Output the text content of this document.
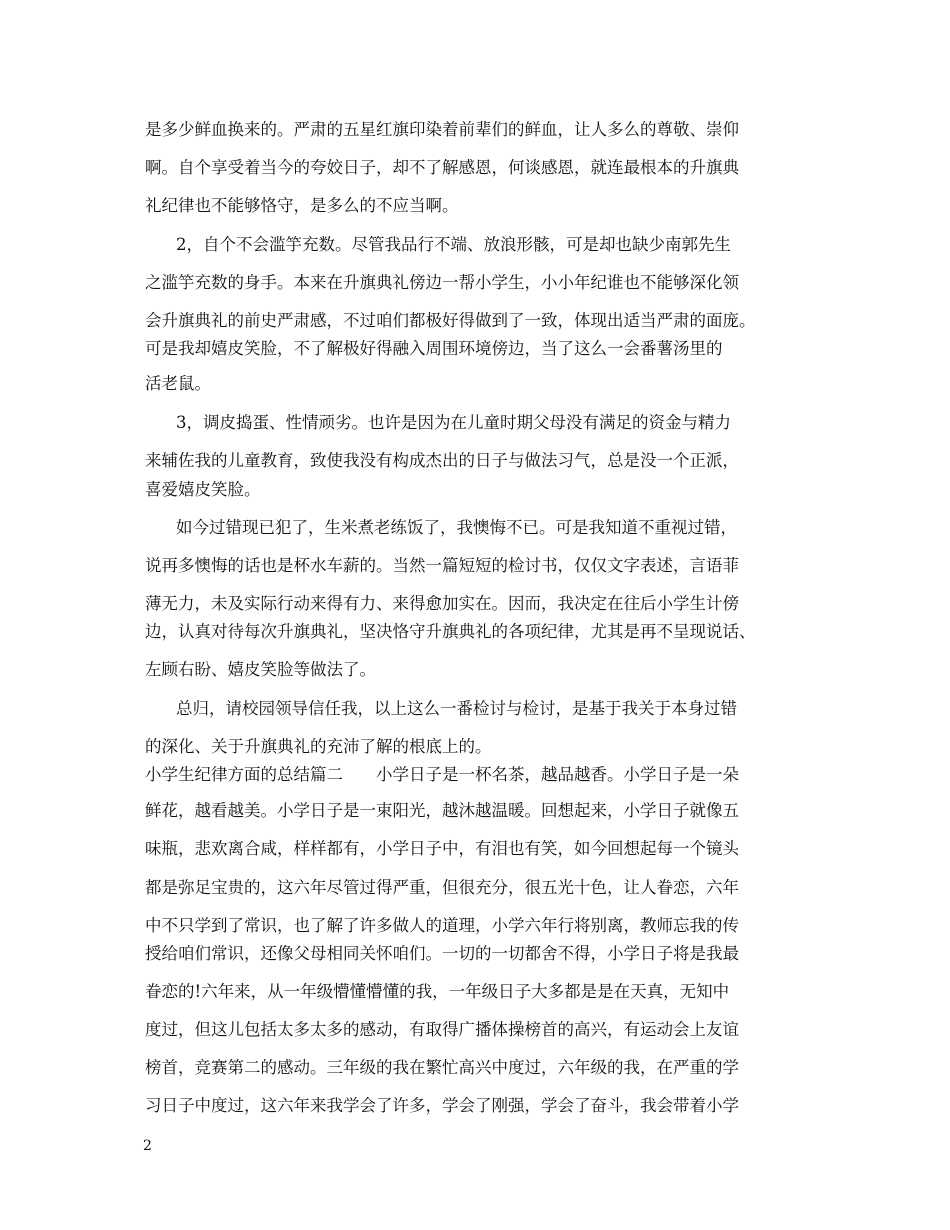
是多少鲜血换来的。严肃的五星红旗印染着前辈们的鲜血，让人多么的尊敬、崇仰
啊。自个享受着当今的夸姣日子，却不了解感恩，何谈感恩，就连最根本的升旗典
礼纪律也不能够恪守，是多么的不应当啊。
2，自个不会滥竽充数。尽管我品行不端、放浪形骸，可是却也缺少南郭先生
之滥竽充数的身手。本来在升旗典礼傍边一帮小学生，小小年纪谁也不能够深化领
会升旗典礼的前史严肃感，不过咱们都极好得做到了一致，体现出适当严肃的面庞。
可是我却嬉皮笑脸，不了解极好得融入周围环境傍边，当了这么一会番薯汤里的
活老鼠。
3，调皮捣蛋、性情顽劣。也许是因为在儿童时期父母没有满足的资金与精力
来辅佐我的儿童教育，致使我没有构成杰出的日子与做法习气，总是没一个正派，
喜爱嬉皮笑脸。
如今过错现已犯了，生米煮老练饭了，我懊悔不已。可是我知道不重视过错，
说再多懊悔的话也是杯水车薪的。当然一篇短短的检讨书，仅仅文字表述，言语菲
薄无力，未及实际行动来得有力、来得愈加实在。因而，我决定在往后小学生计傍
边，认真对待每次升旗典礼，坚决恪守升旗典礼的各项纪律，尤其是再不呈现说话、
左顾右盼、嬉皮笑脸等做法了。
总归，请校园领导信任我，以上这么一番检讨与检讨，是基于我关于本身过错
的深化、关于升旗典礼的充沛了解的根底上的。
小学生纪律方面的总结篇二　　小学日子是一杯名茶，越品越香。小学日子是一朵
鲜花，越看越美。小学日子是一束阳光，越沐越温暖。回想起来，小学日子就像五
味瓶，悲欢离合咸，样样都有，小学日子中，有泪也有笑，如今回想起每一个镜头
都是弥足宝贵的，这六年尽管过得严重，但很充分，很五光十色，让人眷恋，六年
中不只学到了常识，也了解了许多做人的道理，小学六年行将别离，教师忘我的传
授给咱们常识，还像父母相同关怀咱们。一切的一切都舍不得，小学日子将是我最
眷恋的!六年来，从一年级懵懂懵懂的我，一年级日子大多都是是在天真，无知中
度过，但这儿包括太多太多的感动，有取得广播体操榜首的高兴，有运动会上友谊
榜首，竞赛第二的感动。三年级的我在繁忙高兴中度过，六年级的我，在严重的学
习日子中度过，这六年来我学会了许多，学会了刚强，学会了奋斗，我会带着小学
2
